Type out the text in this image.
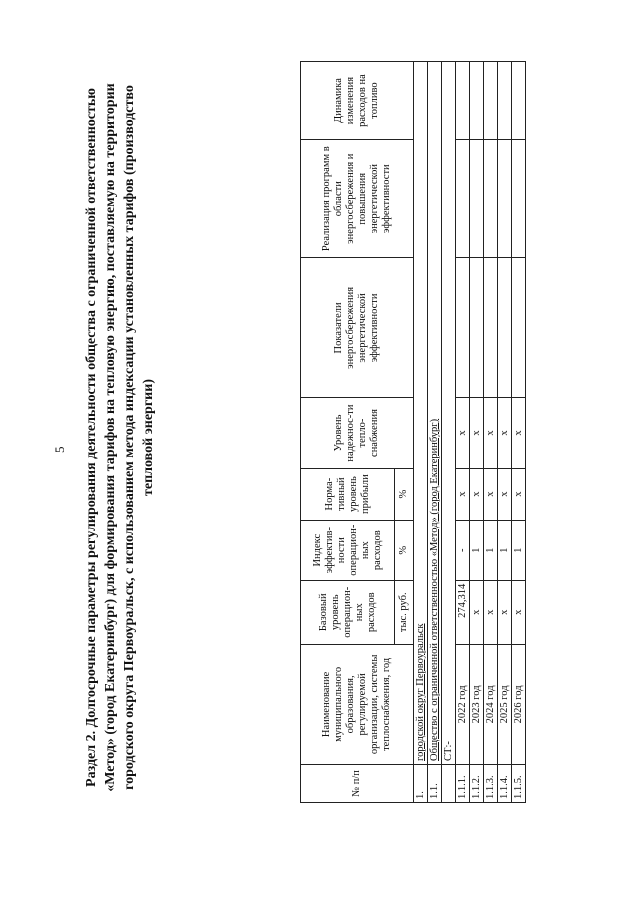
5 Раздел 2. Долгосрочные параметры регулирования деятельности общества с ограниченной ответственностью «Метод» (город Екатеринбург) для формирования тарифов на тепловую энергию, поставляемую на территории городского округа Первоуральск, с использованием метода индексации установленных тарифов (производство тепловой энергии)
№ п/п	Наименование муниципального образования, регулируемой организации, системы теплоснабжения, год	Базовый уровень операцион-ных расходов	Индекс эффектив-ности операцион-ных расходов	Норма-тивный уровень прибыли	Уровень надежнос-ти тепло-снабжения	Показатели энергосбережения энергетической эффективности	Реализация программ в области энергосбережения и повышения энергетической эффективности	Динамика изменения расходов на топливо
		тыс. руб.	%	%				
1.	городской округ Первоуральск							
1.1.	Общество с ограниченной ответственностью «Метод» (город Екатеринбург)							
	СТ:-							
1.1.1.	2022 год	274,314	-	x	x			
1.1.2.	2023 год	x	1	x	x			
1.1.3.	2024 год	x	1	x	x			
1.1.4.	2025 год	x	1	x	x			
1.1.5.	2026 год	x	1	x	x			
